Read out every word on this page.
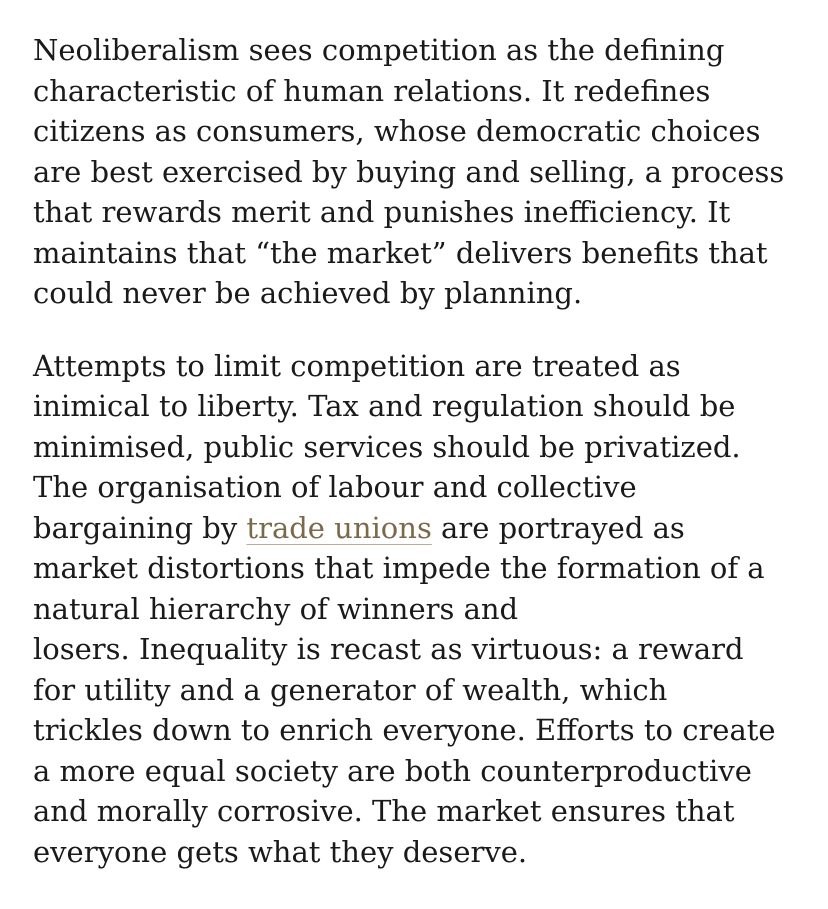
Neoliberalism sees competition as the defining
characteristic of human relations. It redefines
citizens as consumers, whose democratic choices
are best exercised by buying and selling, a process
that rewards merit and punishes inefficiency. It
maintains that “the market” delivers benefits that
could never be achieved by planning.

Attempts to limit competition are treated as
inimical to liberty. Tax and regulation should be
minimised, public services should be privatized.
The organisation of labour and collective
bargaining by trade unions are portrayed as
market distortions that impede the formation of a
natural hierarchy of winners and
losers. Inequality is recast as virtuous: a reward
for utility and a generator of wealth, which
trickles down to enrich everyone. Efforts to create
a more equal society are both counterproductive
and morally corrosive. The market ensures that
everyone gets what they deserve.
